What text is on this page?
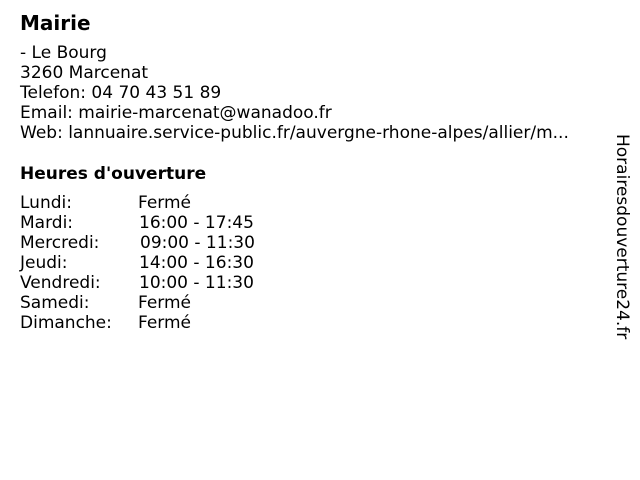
Mairie
- Le Bourg
3260 Marcenat
Telefon: 04 70 43 51 89
Email: mairie-marcenat@wanadoo.fr
Web: lannuaire.service-public.fr/auvergne-rhone-alpes/allier/m...
Heures d'ouverture
Lundi:	Fermé
Mardi:	16:00 - 17:45
Mercredi: 09:00 - 11:30
Jeudi:	14:00 - 16:30
Vendredi: 10:00 - 11:30
Samedi:	Fermé
Dimanche: Fermé	Horairesdouverture24.fr
